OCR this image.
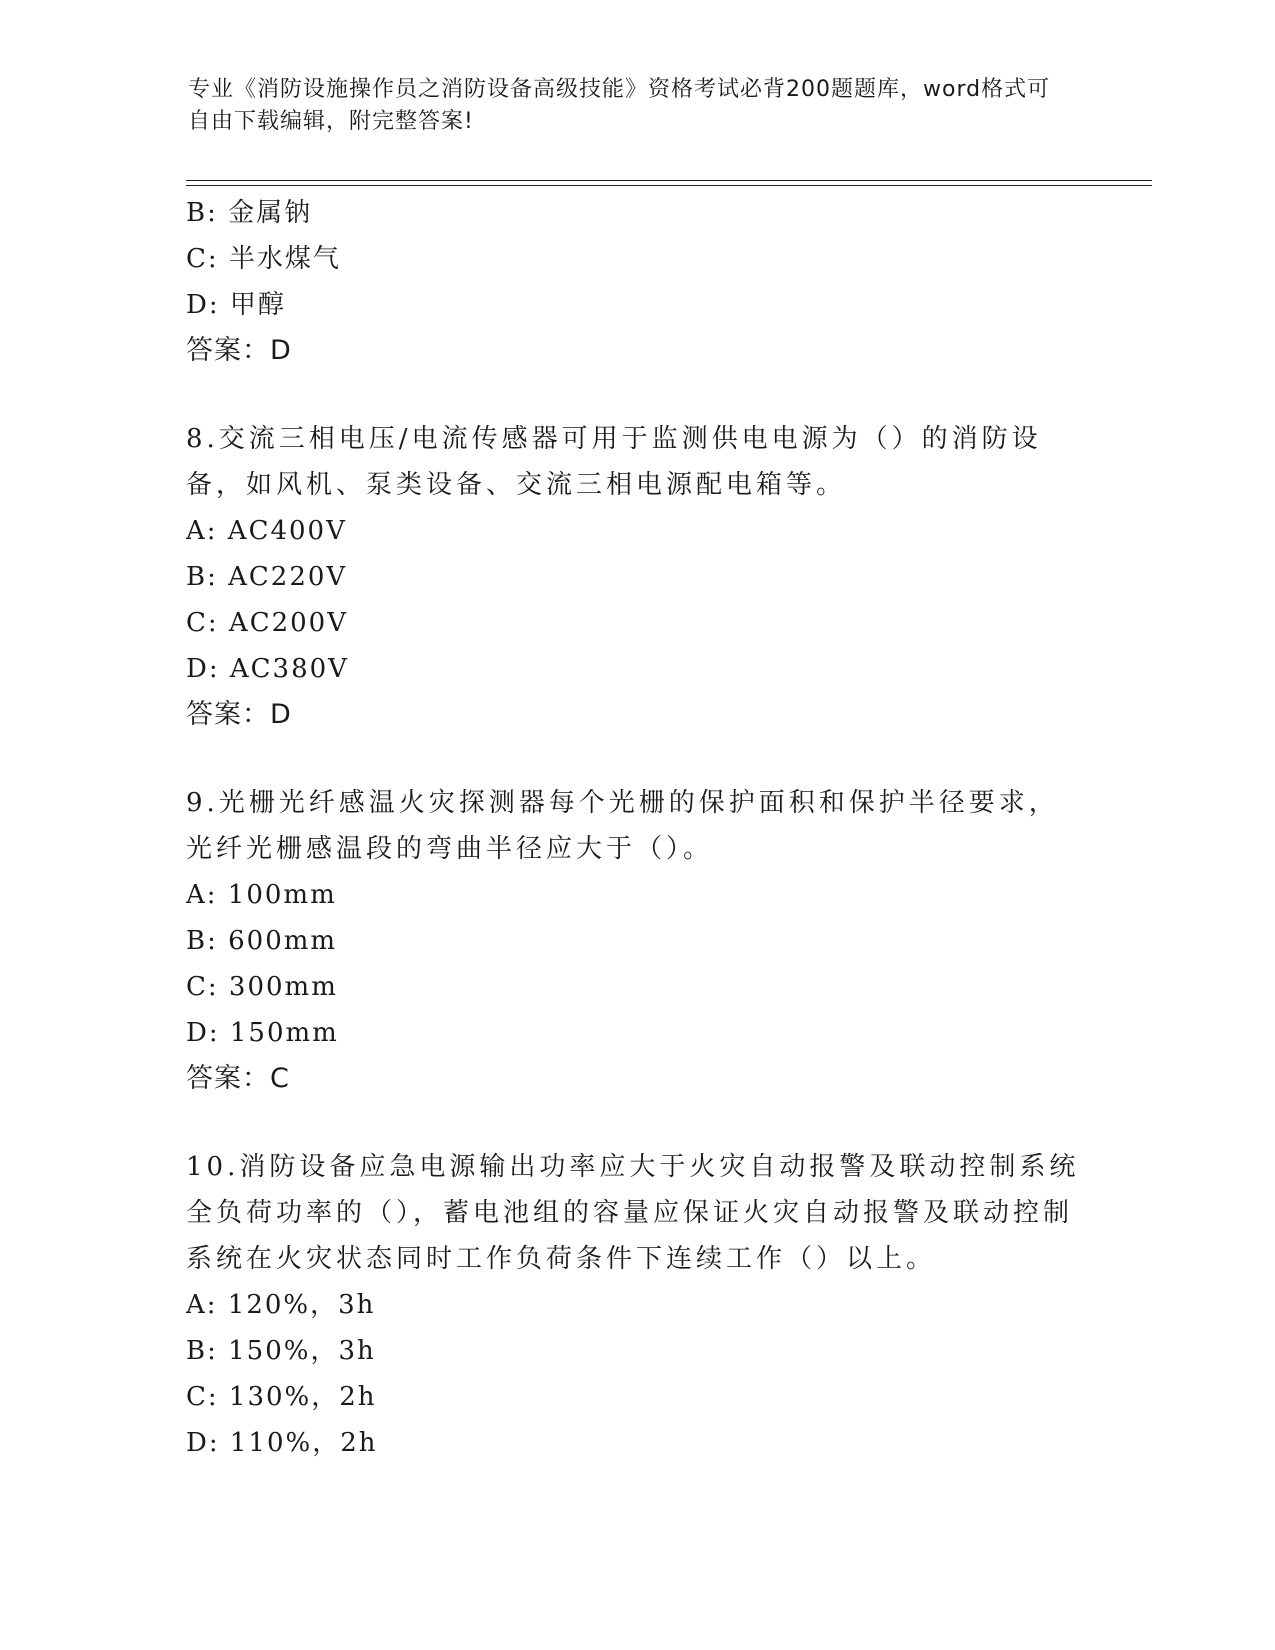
专业《消防设施操作员之消防设备高级技能》资格考试必背200题题库，word格式可自由下载编辑，附完整答案!
B: 金属钠
C: 半水煤气
D: 甲醇
答案：D
8.交流三相电压/电流传感器可用于监测供电电源为（）的消防设备，如风机、泵类设备、交流三相电源配电箱等。
A: AC400V
B: AC220V
C: AC200V
D: AC380V
答案：D
9.光栅光纤感温火灾探测器每个光栅的保护面积和保护半径要求，光纤光栅感温段的弯曲半径应大于（）。
A: 100mm
B: 600mm
C: 300mm
D: 150mm
答案：C
10.消防设备应急电源输出功率应大于火灾自动报警及联动控制系统全负荷功率的（），蓄电池组的容量应保证火灾自动报警及联动控制系统在火灾状态同时工作负荷条件下连续工作（）以上。
A: 120%，3h
B: 150%，3h
C: 130%，2h
D: 110%，2h
